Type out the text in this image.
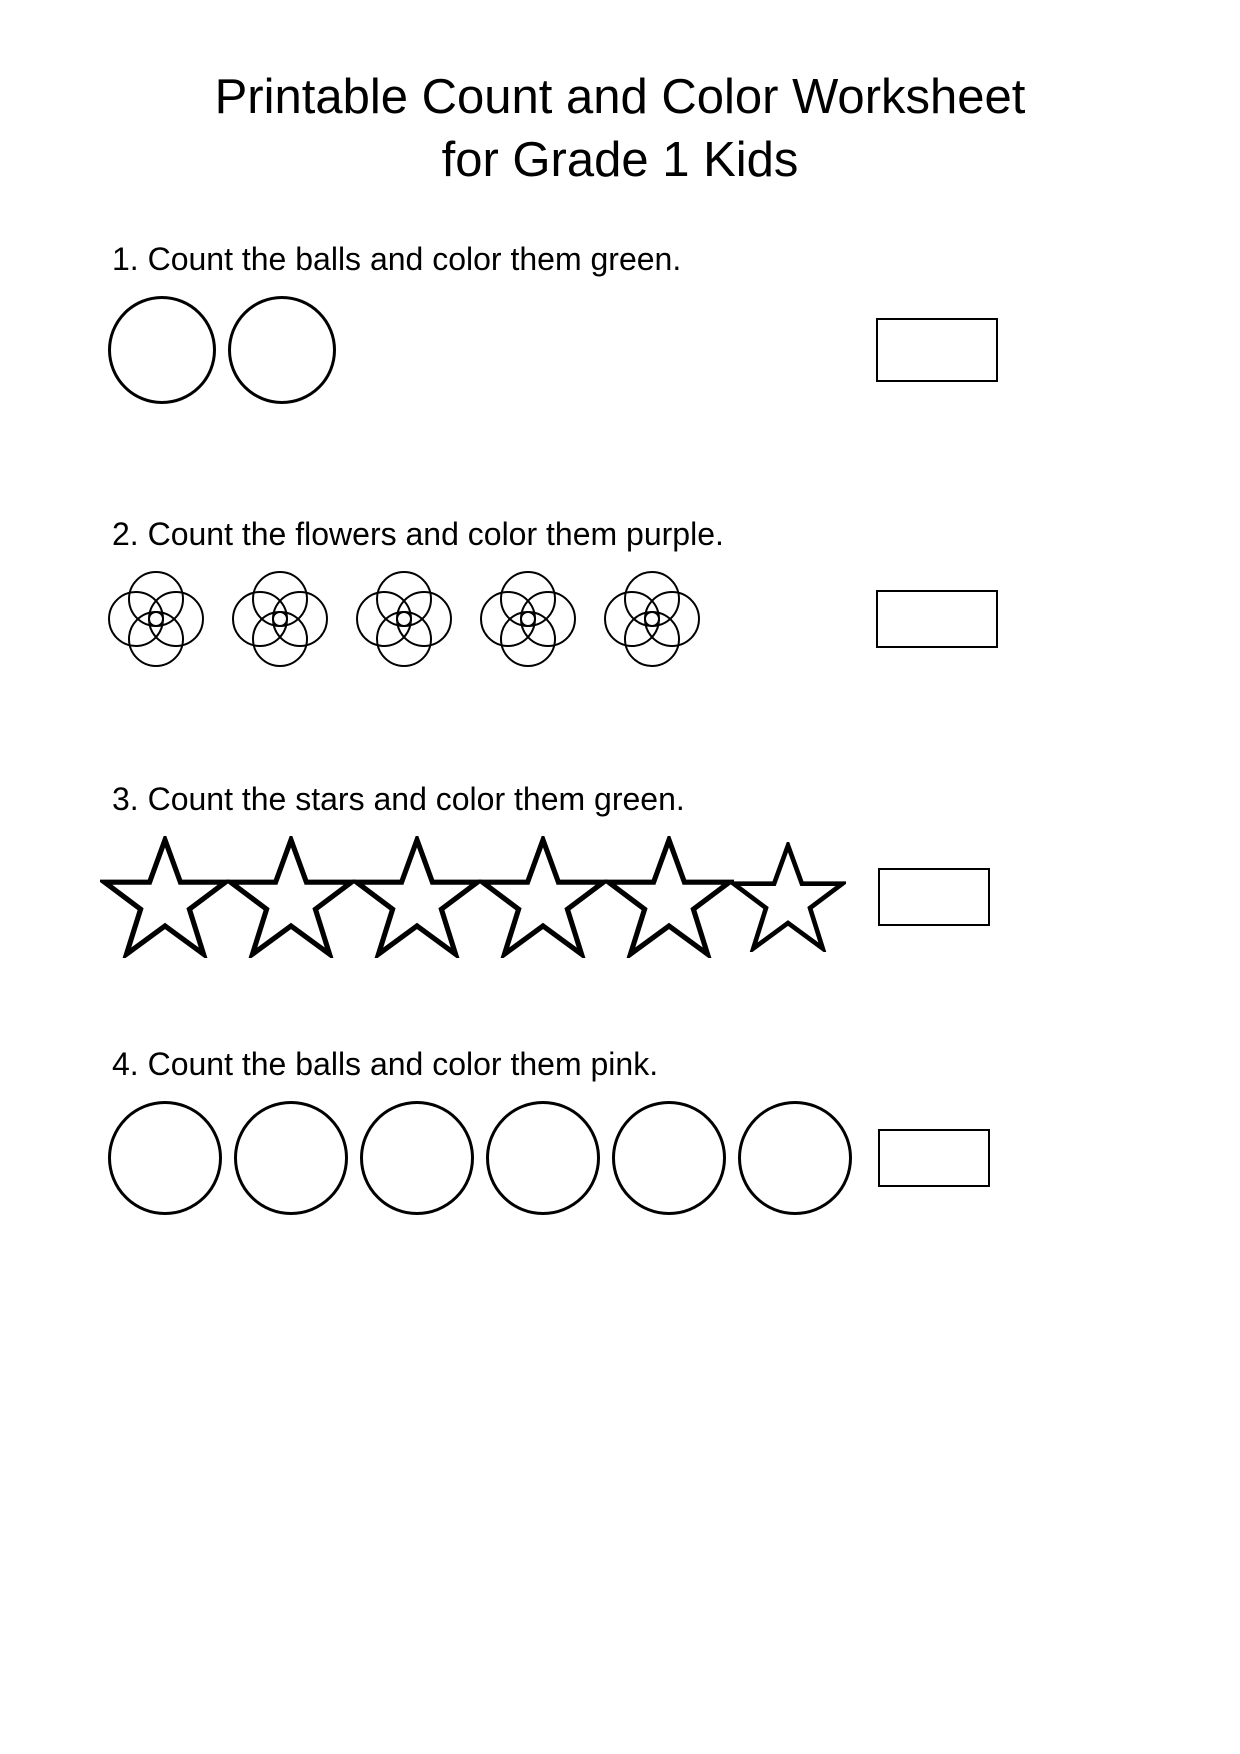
Printable Count and Color Worksheet
for Grade 1 Kids

1. Count the balls and color them green.

2. Count the flowers and color them purple.

3. Count the stars and color them green.

4. Count the balls and color them pink.
